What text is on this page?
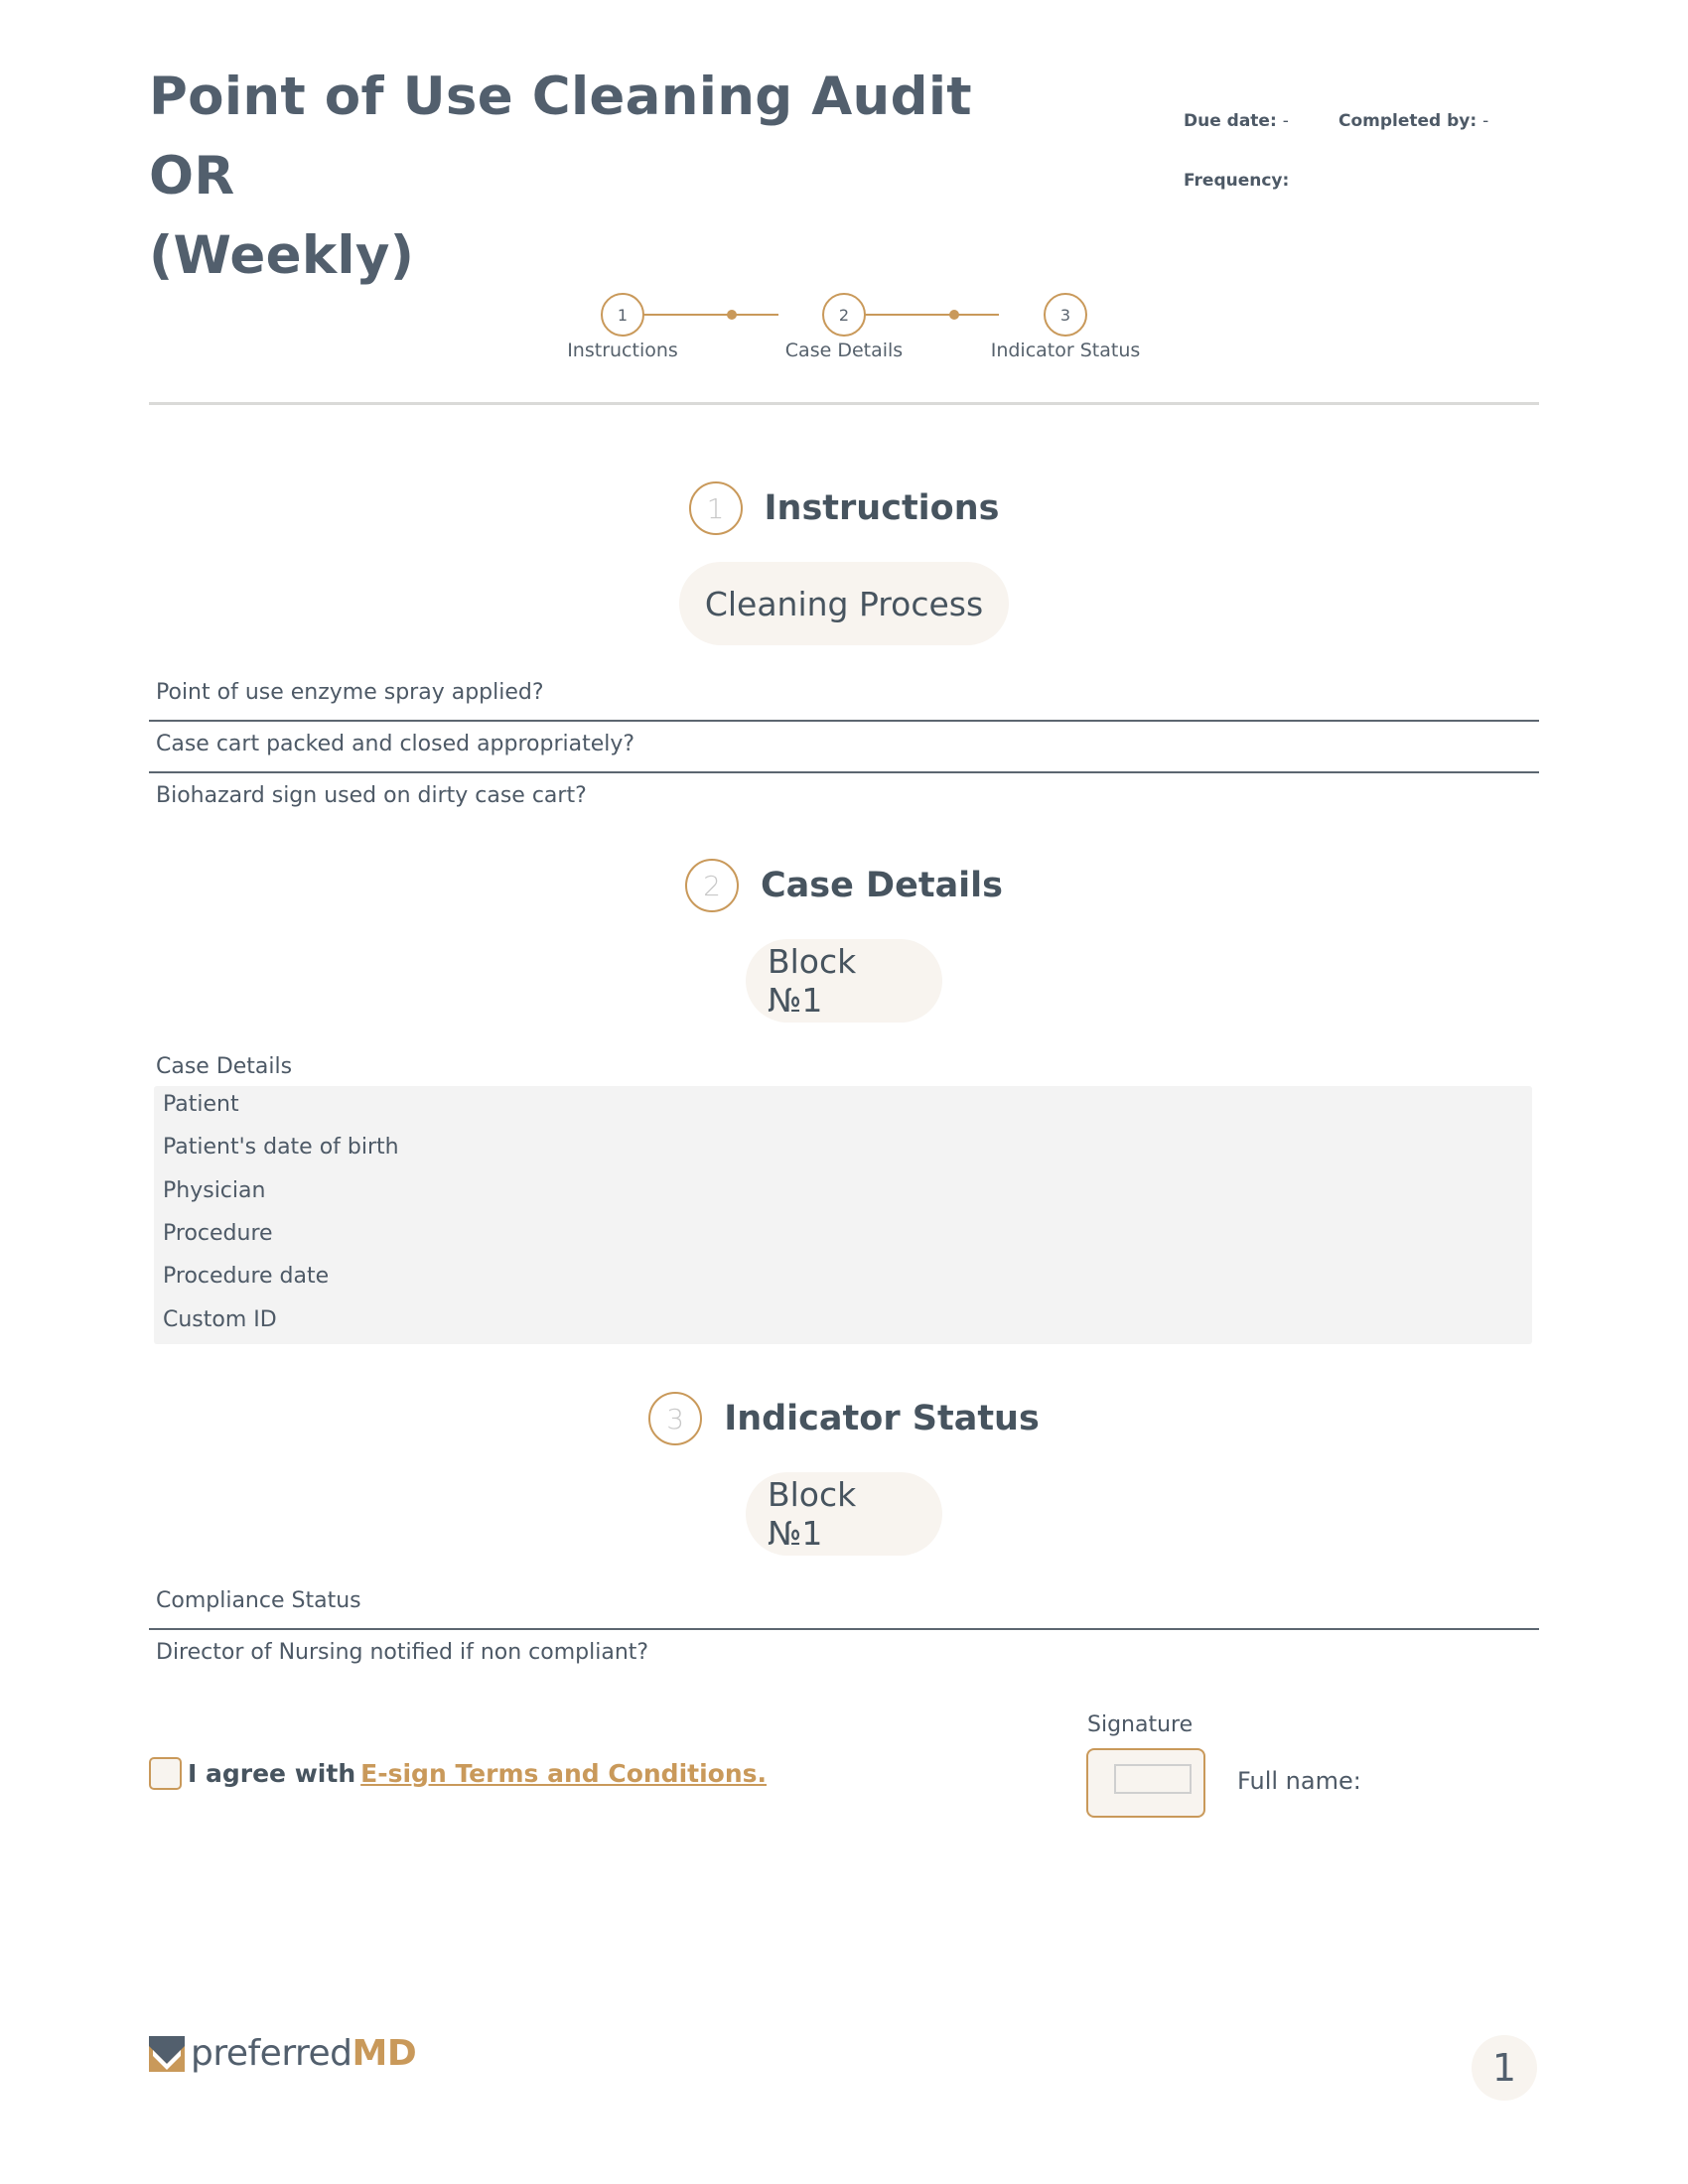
Point of Use Cleaning Audit OR
(Weekly)
Due date: -	Completed by: -
Frequency:
1	2	3
Instructions	Case Details	Indicator Status
1	Instructions
Cleaning Process
Point of use enzyme spray applied?
Case cart packed and closed appropriately?
Biohazard sign used on dirty case cart?
2	Case Details
Block №1
Case Details
Patient
Patient's date of birth
Physician
Procedure
Procedure date
Custom ID
3	Indicator Status
Block №1
Compliance Status
Director of Nursing notified if non compliant?
I agree with E-sign Terms and Conditions.
Signature
Full name:
preferred MD	1
